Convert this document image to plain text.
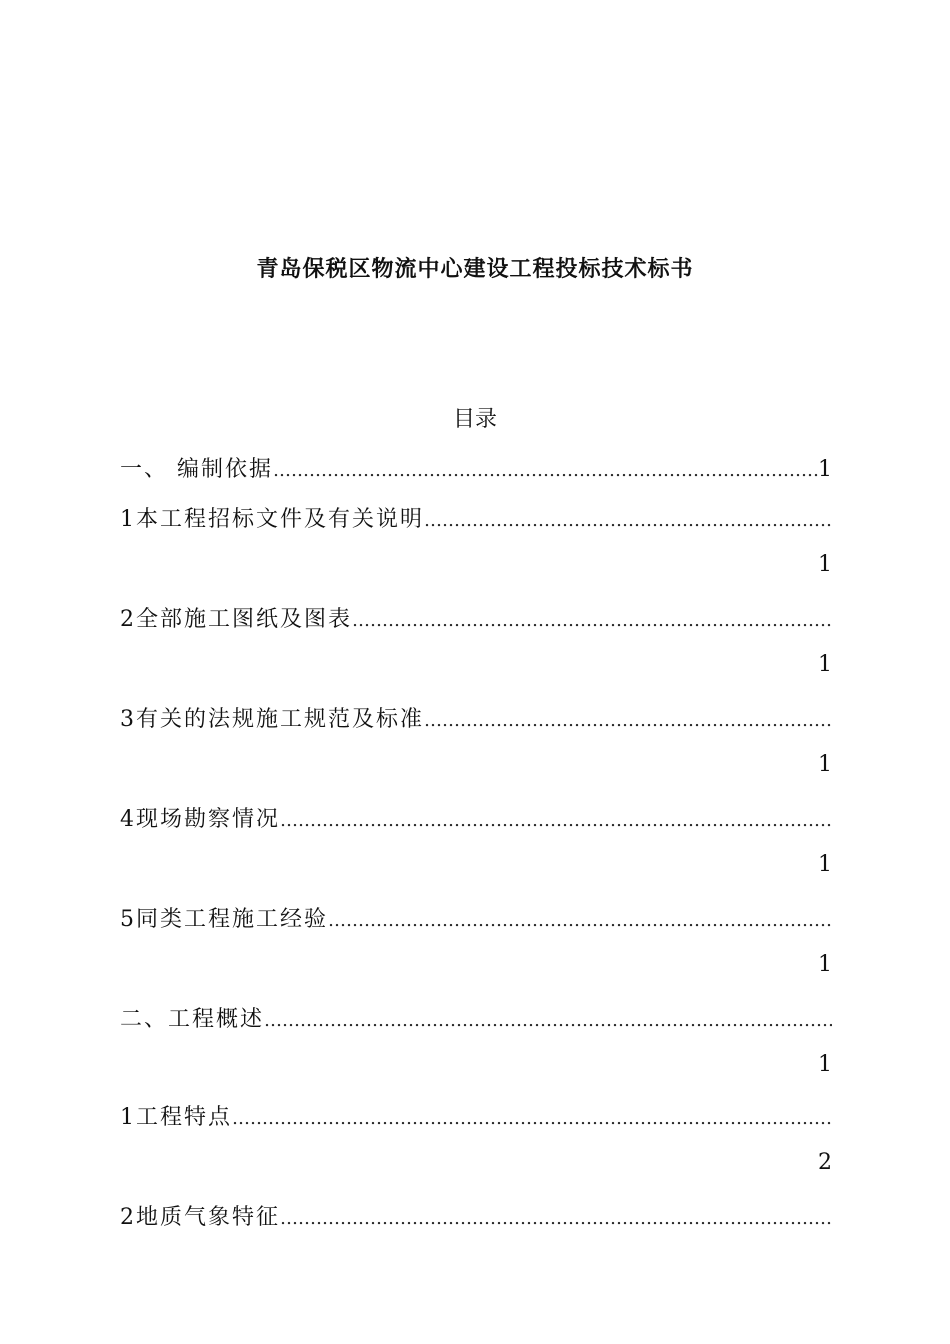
青岛保税区物流中心建设工程投标技术标书
目录
一、 编制依据
………………………………………………………………………………………………………………	1
1本工程招标文件及有关说明
………………………………………………………………………………………………………………
1
2全部施工图纸及图表
………………………………………………………………………………………………………………
1
3有关的法规施工规范及标准
………………………………………………………………………………………………………………
1
4现场勘察情况
………………………………………………………………………………………………………………
1
5同类工程施工经验
………………………………………………………………………………………………………………
1
二、工程概述
………………………………………………………………………………………………………………
1
1工程特点
………………………………………………………………………………………………………………
2
2地质气象特征
………………………………………………………………………………………………………………
